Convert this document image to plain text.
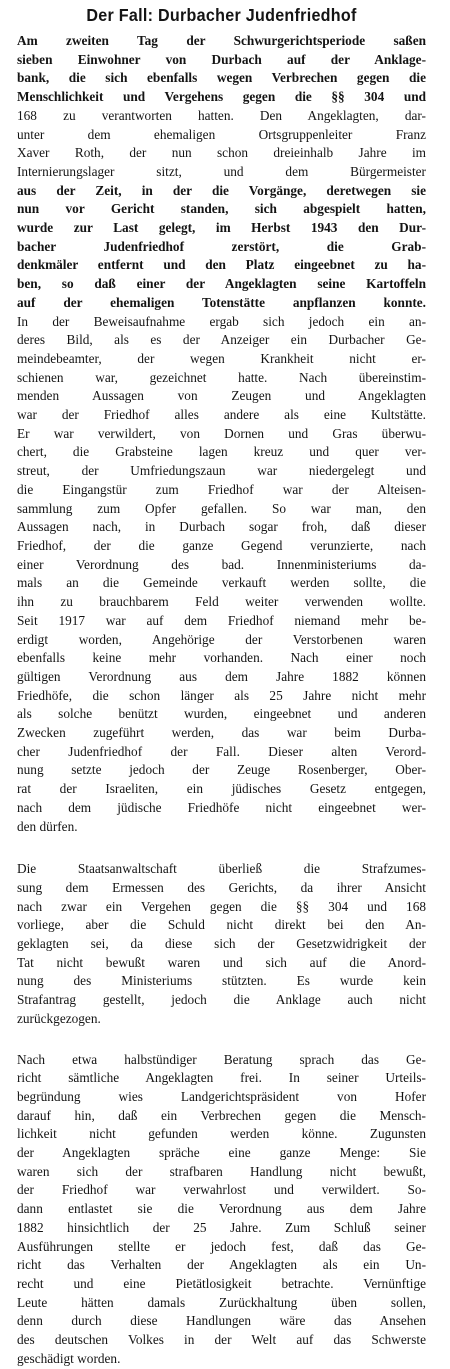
Der Fall: Durbacher Judenfriedhof
Am zweiten Tag der Schwurgerichtsperiode saßen
sieben Einwohner von Durbach auf der Anklage-
bank, die sich ebenfalls wegen Verbrechen gegen die
Menschlichkeit und Vergehens gegen die §§ 304 und
168 zu verantworten hatten. Den Angeklagten, dar-
unter dem ehemaligen Ortsgruppenleiter Franz
Xaver Roth, der nun schon dreieinhalb Jahre im
Internierungslager sitzt, und dem Bürgermeister
aus der Zeit, in der die Vorgänge, deretwegen sie
nun vor Gericht standen, sich abgespielt hatten,
wurde zur Last gelegt, im Herbst 1943 den Dur-
bacher Judenfriedhof zerstört, die Grab-
denkmäler entfernt und den Platz eingeebnet zu ha-
ben, so daß einer der Angeklagten seine Kartoffeln
auf der ehemaligen Totenstätte anpflanzen konnte.
In der Beweisaufnahme ergab sich jedoch ein an-
deres Bild, als es der Anzeiger ein Durbacher Ge-
meindebeamter, der wegen Krankheit nicht er-
schienen war, gezeichnet hatte. Nach übereinstim-
menden Aussagen von Zeugen und Angeklagten
war der Friedhof alles andere als eine Kultstätte.
Er war verwildert, von Dornen und Gras überwu-
chert, die Grabsteine lagen kreuz und quer ver-
streut, der Umfriedungszaun war niedergelegt und
die Eingangstür zum Friedhof war der Alteisen-
sammlung zum Opfer gefallen. So war man, den
Aussagen nach, in Durbach sogar froh, daß dieser
Friedhof, der die ganze Gegend verunzierte, nach
einer Verordnung des bad. Innenministeriums da-
mals an die Gemeinde verkauft werden sollte, die
ihn zu brauchbarem Feld weiter verwenden wollte.
Seit 1917 war auf dem Friedhof niemand mehr be-
erdigt worden, Angehörige der Verstorbenen waren
ebenfalls keine mehr vorhanden. Nach einer noch
gültigen Verordnung aus dem Jahre 1882 können
Friedhöfe, die schon länger als 25 Jahre nicht mehr
als solche benützt wurden, eingeebnet und anderen
Zwecken zugeführt werden, das war beim Durba-
cher Judenfriedhof der Fall. Dieser alten Verord-
nung setzte jedoch der Zeuge Rosenberger, Ober-
rat der Israeliten, ein jüdisches Gesetz entgegen,
nach dem jüdische Friedhöfe nicht eingeebnet wer-
den dürfen.
Die Staatsanwaltschaft überließ die Strafzumes-
sung dem Ermessen des Gerichts, da ihrer Ansicht
nach zwar ein Vergehen gegen die §§ 304 und 168
vorliege, aber die Schuld nicht direkt bei den An-
geklagten sei, da diese sich der Gesetzwidrigkeit der
Tat nicht bewußt waren und sich auf die Anord-
nung des Ministeriums stützten. Es wurde kein
Strafantrag gestellt, jedoch die Anklage auch nicht
zurückgezogen.
Nach etwa halbstündiger Beratung sprach das Ge-
richt sämtliche Angeklagten frei. In seiner Urteils-
begründung wies Landgerichtspräsident von Hofer
darauf hin, daß ein Verbrechen gegen die Mensch-
lichkeit nicht gefunden werden könne. Zugunsten
der Angeklagten spräche eine ganze Menge: Sie
waren sich der strafbaren Handlung nicht bewußt,
der Friedhof war verwahrlost und verwildert. So-
dann entlastet sie die Verordnung aus dem Jahre
1882 hinsichtlich der 25 Jahre. Zum Schluß seiner
Ausführungen stellte er jedoch fest, daß das Ge-
richt das Verhalten der Angeklagten als ein Un-
recht und eine Pietätlosigkeit betrachte. Vernünftige
Leute hätten damals Zurückhaltung üben sollen,
denn durch diese Handlungen wäre das Ansehen
des deutschen Volkes in der Welt auf das Schwerste
geschädigt worden.
